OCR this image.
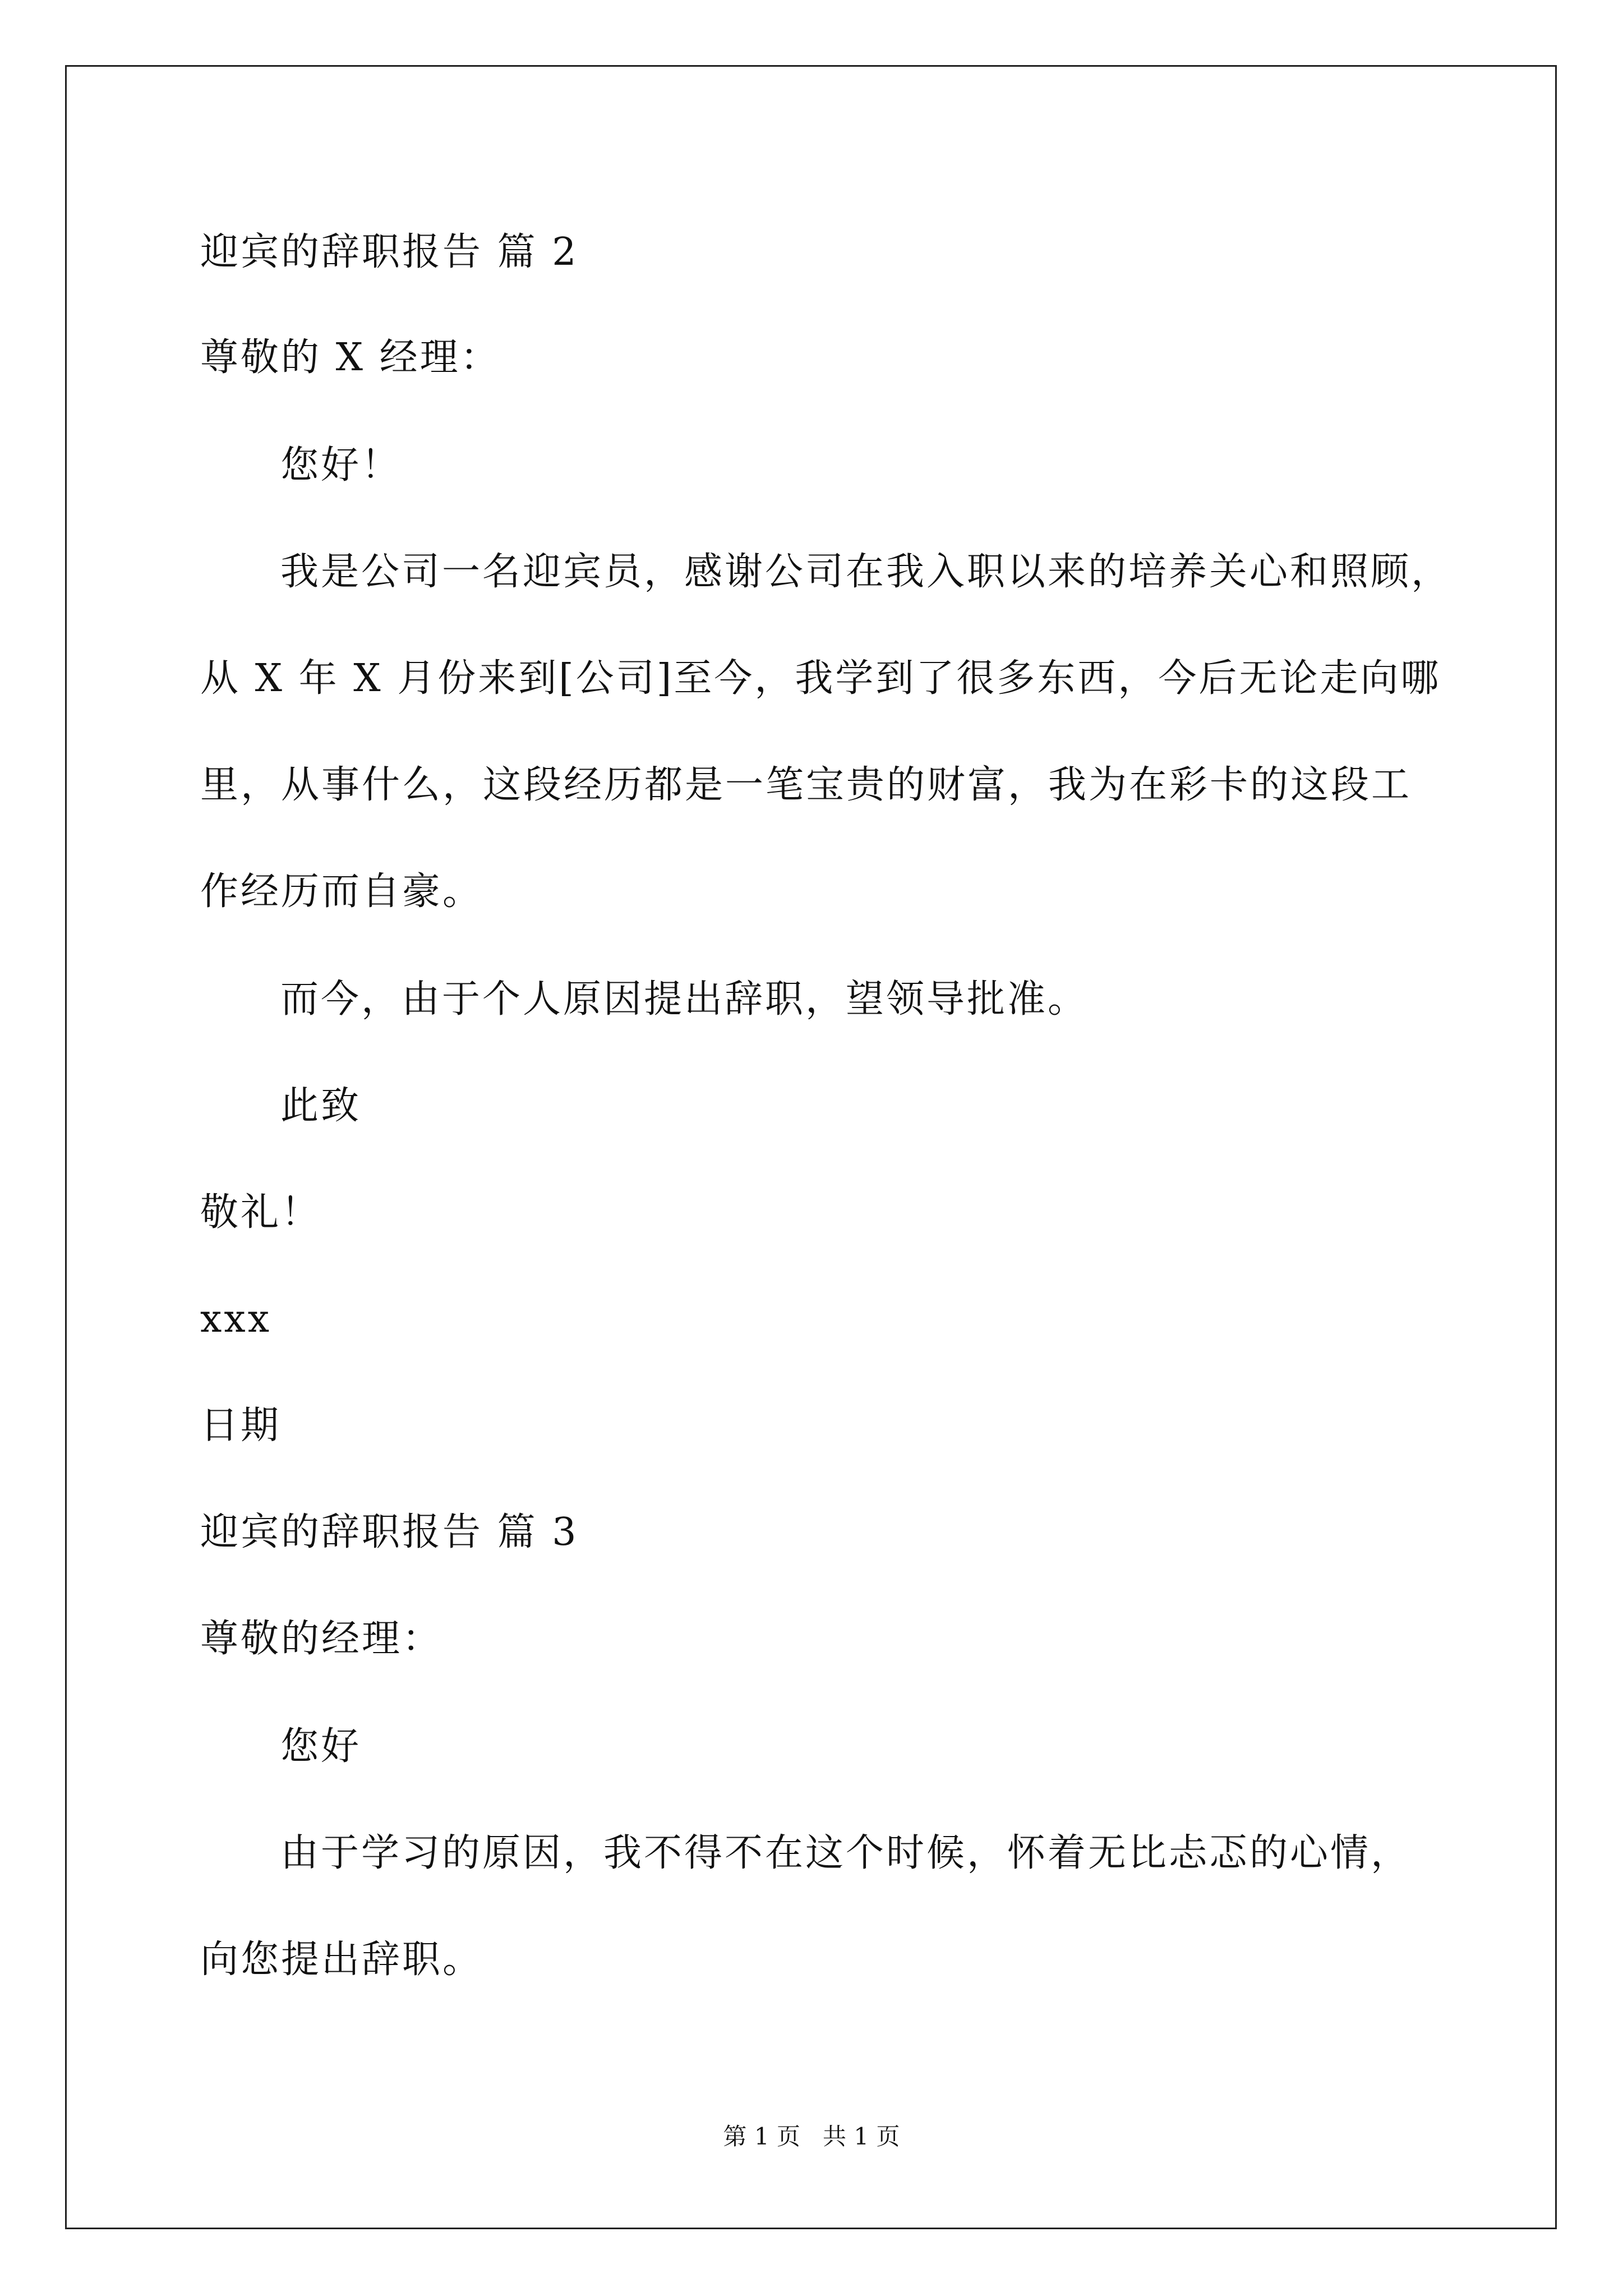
迎宾的辞职报告 篇 2
尊敬的 X 经理：
您好！
我是公司一名迎宾员，感谢公司在我入职以来的培养关心和照顾，
从 X 年 X 月份来到[公司]至今，我学到了很多东西，今后无论走向哪
里，从事什么，这段经历都是一笔宝贵的财富，我为在彩卡的这段工
作经历而自豪。
而今，由于个人原因提出辞职，望领导批准。
此致
敬礼！
xxx
日期
迎宾的辞职报告 篇 3
尊敬的经理：
您好
由于学习的原因，我不得不在这个时候，怀着无比忐忑的心情，
向您提出辞职。
第 1 页   共 1 页
